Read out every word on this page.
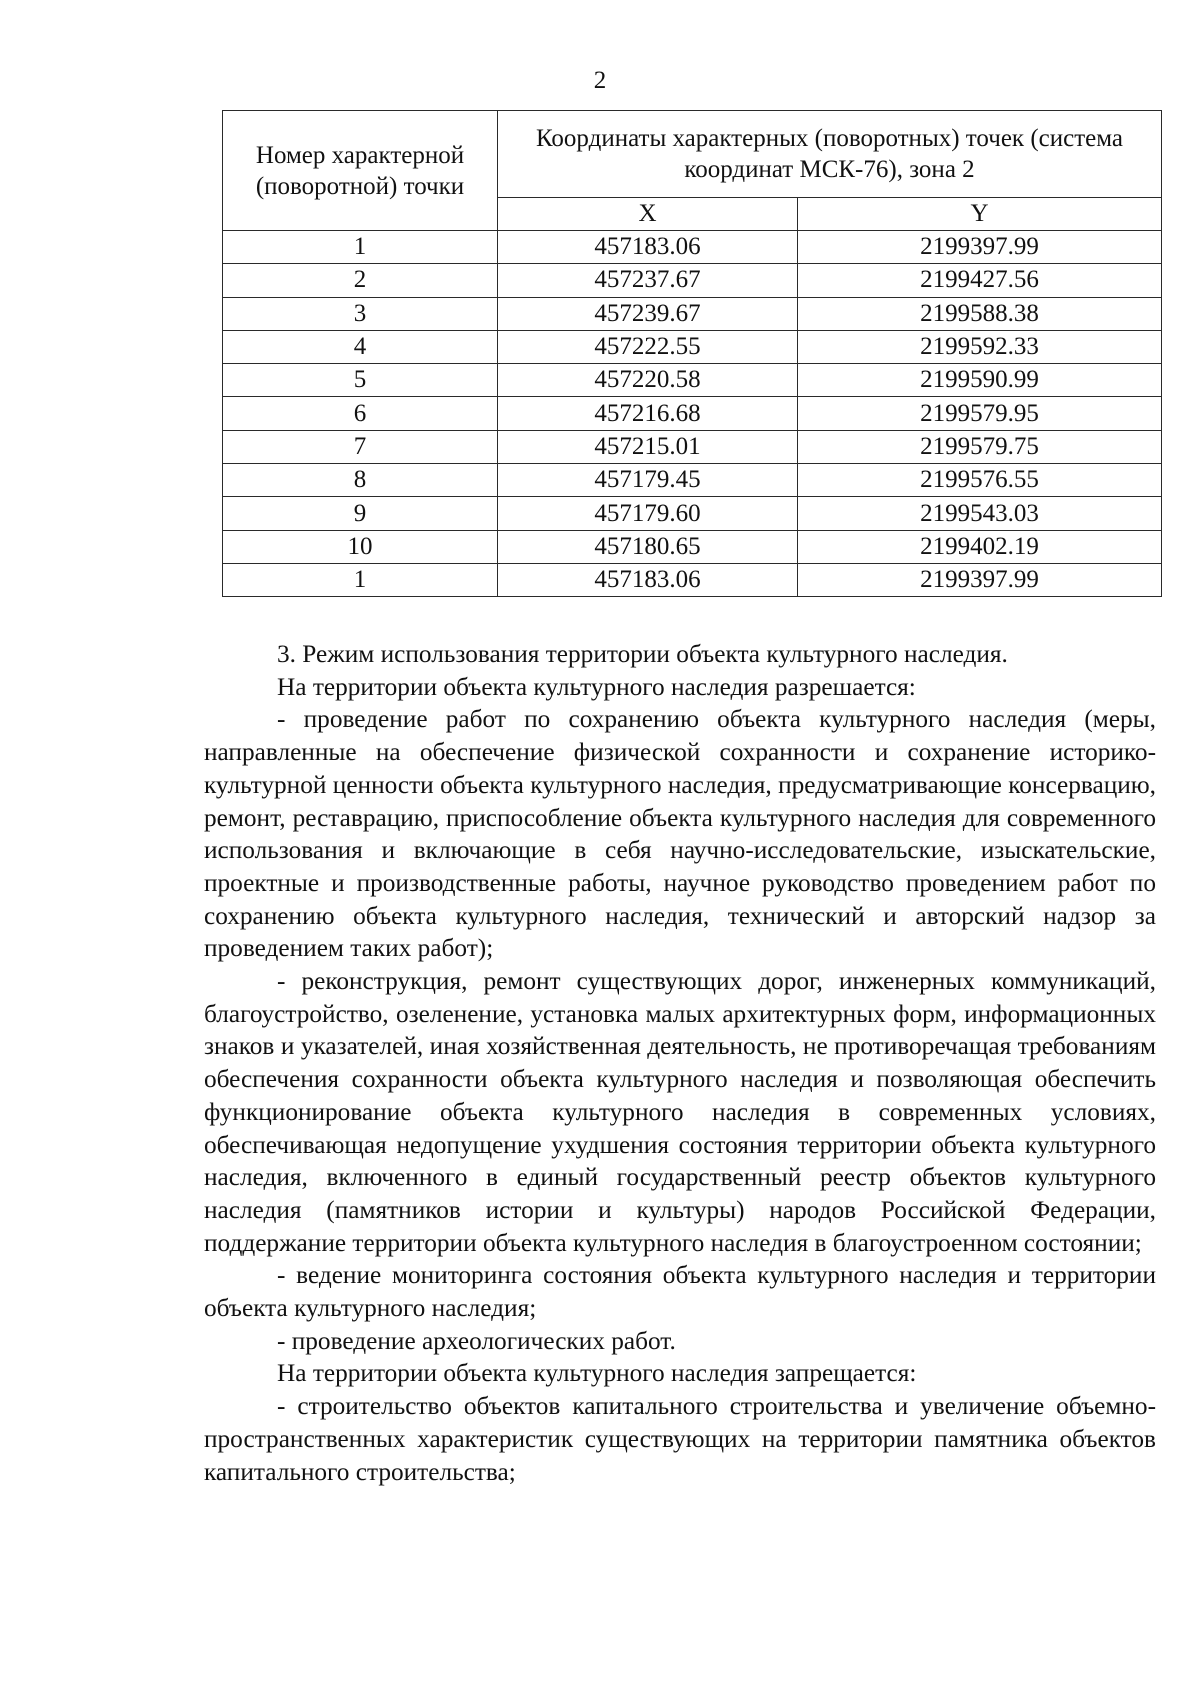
2
Номер характерной (поворотной) точки	Координаты характерных (поворотных) точек (система координат МСК-76), зона 2	
	X	Y
1	457183.06	2199397.99
2	457237.67	2199427.56
3	457239.67	2199588.38
4	457222.55	2199592.33
5	457220.58	2199590.99
6	457216.68	2199579.95
7	457215.01	2199579.75
8	457179.45	2199576.55
9	457179.60	2199543.03
10	457180.65	2199402.19
1	457183.06	2199397.99

3. Режим использования территории объекта культурного наследия.

На территории объекта культурного наследия разрешается:

- проведение работ по сохранению объекта культурного наследия (меры, направленные на обеспечение физической сохранности и сохранение историко-культурной ценности объекта культурного наследия, предусматривающие консервацию, ремонт, реставрацию, приспособление объекта культурного наследия для современного использования и включающие в себя научно-исследовательские, изыскательские, проектные и производственные работы, научное руководство проведением работ по сохранению объекта культурного наследия, технический и авторский надзор за проведением таких работ);

- реконструкция, ремонт существующих дорог, инженерных коммуникаций, благоустройство, озеленение, установка малых архитектурных форм, информационных знаков и указателей, иная хозяйственная деятельность, не противоречащая требованиям обеспечения сохранности объекта культурного наследия и позволяющая обеспечить функционирование объекта культурного наследия в современных условиях, обеспечивающая недопущение ухудшения состояния территории объекта культурного наследия, включенного в единый государственный реестр объектов культурного наследия (памятников истории и культуры) народов Российской Федерации, поддержание территории объекта культурного наследия в благоустроенном состоянии;

- ведение мониторинга состояния объекта культурного наследия и территории объекта культурного наследия;

- проведение археологических работ.

На территории объекта культурного наследия запрещается:

- строительство объектов капитального строительства и увеличение объемно-пространственных характеристик существующих на территории памятника объектов капитального строительства;
